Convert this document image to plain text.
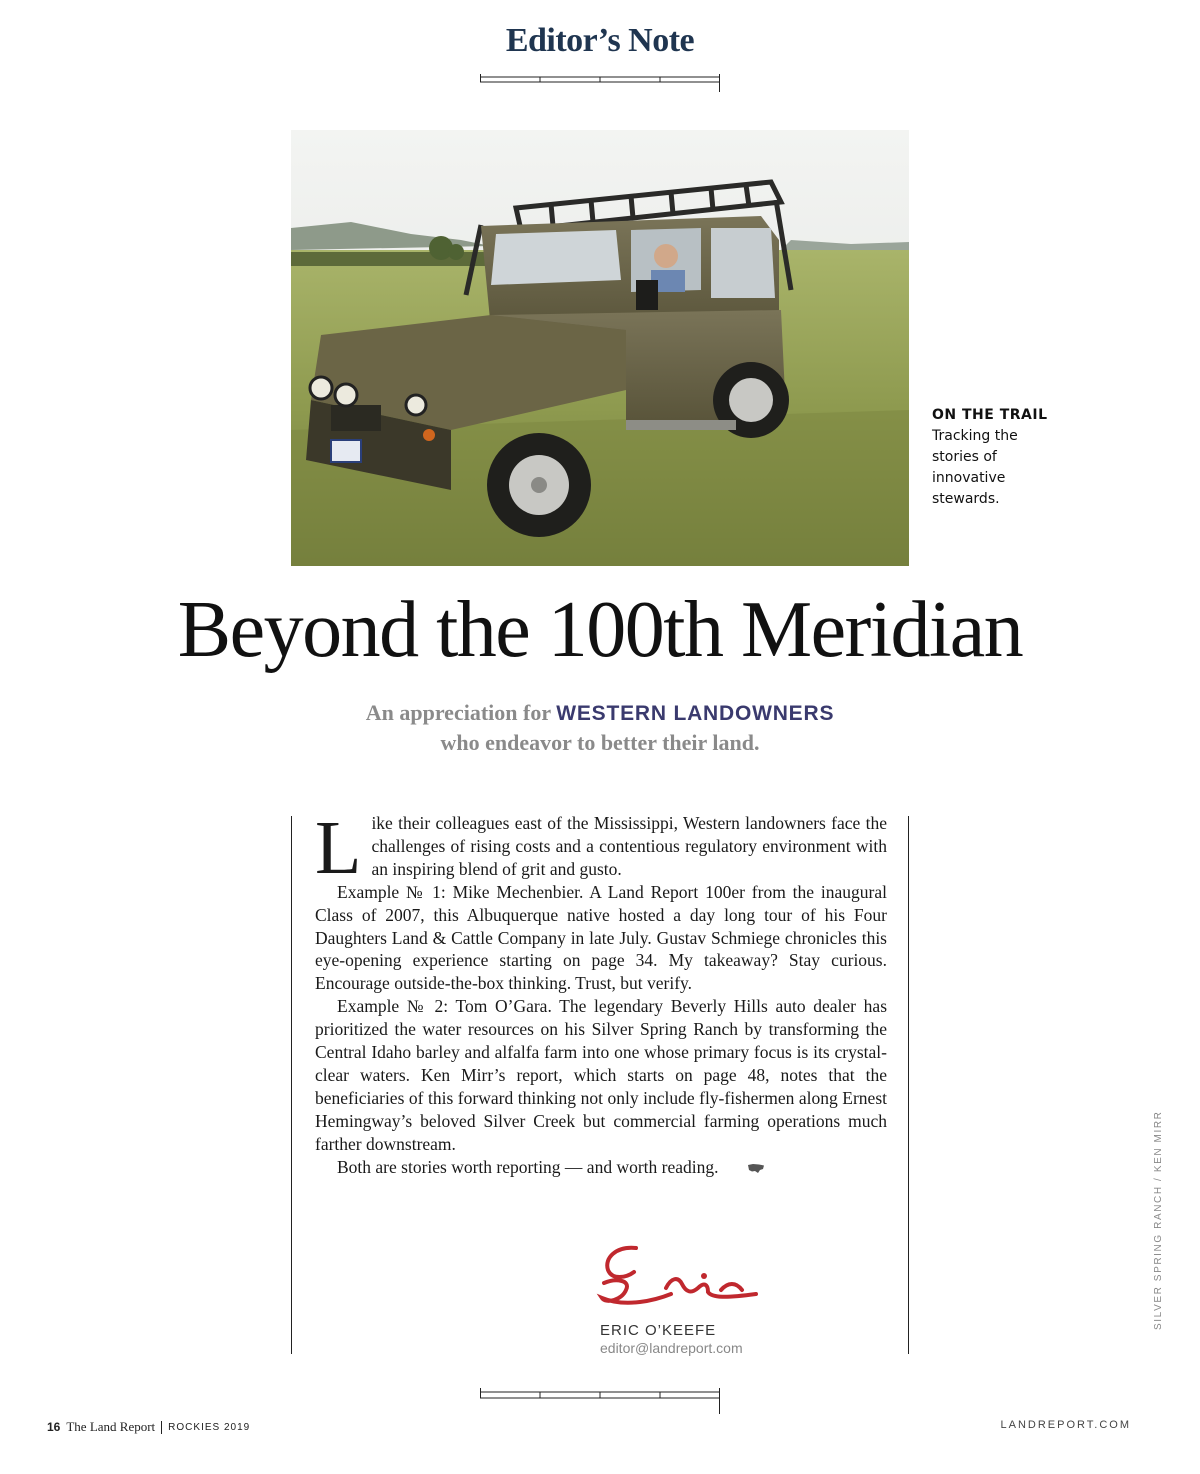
Editor’s Note
ON THE TRAIL
Tracking the stories of innovative stewards.
Beyond the 100th Meridian
An appreciation for WESTERN LANDOWNERS
who endeavor to better their land.

Like their colleagues east of the Mississippi, Western landowners face the challenges of rising costs and a contentious regulatory environment with an inspiring blend of grit and gusto.

Example № 1: Mike Mechenbier. A Land Report 100er from the inaugural Class of 2007, this Albuquerque native hosted a day long tour of his Four Daughters Land & Cattle Company in late July. Gustav Schmiege chronicles this eye-opening experience starting on page 34. My takeaway? Stay curious. Encourage outside-the-box thinking. Trust, but verify.

Example № 2: Tom O’Gara. The legendary Beverly Hills auto dealer has prioritized the water resources on his Silver Spring Ranch by transforming the Central Idaho barley and alfalfa farm into one whose primary focus is its crystal-clear waters. Ken Mirr’s report, which starts on page 48, notes that the beneficiaries of this forward thinking not only include fly-fishermen along Ernest Hemingway’s beloved Silver Creek but commercial farming operations much farther downstream.

Both are stories worth reporting — and worth reading.

ERIC O’KEEFE
editor@landreport.com
SILVER SPRING RANCH / KEN MIRR
16 The Land Report ROCKIES 2019	LANDREPORT.COM
